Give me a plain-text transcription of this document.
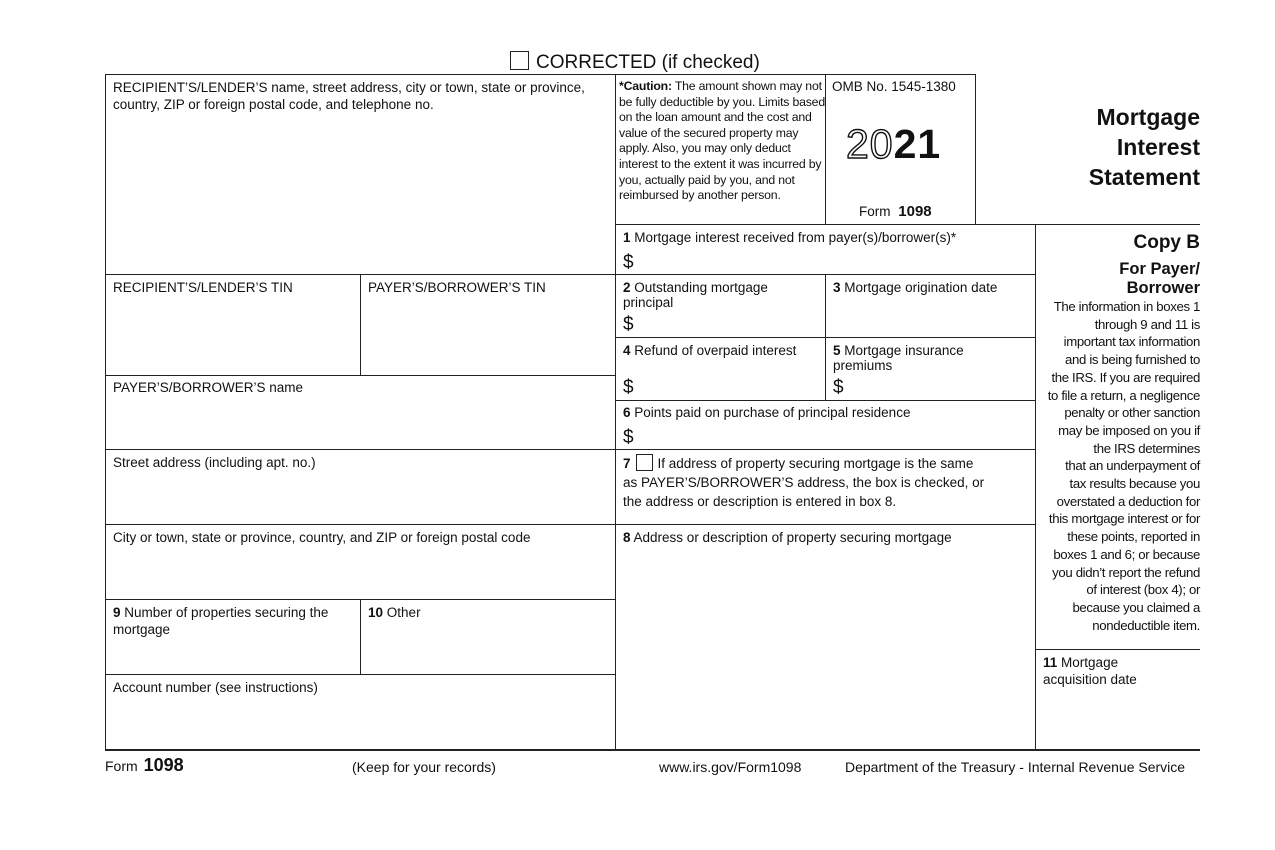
CORRECTED (if checked)
RECIPIENT’S/LENDER’S name, street address, city or town, state or province, country, ZIP or foreign postal code, and telephone no.
RECIPIENT’S/LENDER’S TIN	PAYER’S/BORROWER’S TIN
PAYER’S/BORROWER’S name
Street address (including apt. no.)
City or town, state or province, country, and ZIP or foreign postal code
9 Number of properties securing the mortgage
10 Other
Account number (see instructions)
*Caution: The amount shown may not be fully deductible by you. Limits based on the loan amount and the cost and value of the secured property may apply. Also, you may only deduct interest to the extent it was incurred by you, actually paid by you, and not reimbursed by another person.
OMB No. 1545-1380
2021
Form 1098
Mortgage
Interest
Statement
1 Mortgage interest received from payer(s)/borrower(s)*
$
2 Outstanding mortgage principal
$
3 Mortgage origination date
4 Refund of overpaid interest
$
5 Mortgage insurance premiums
$
6 Points paid on purchase of principal residence
$
7 If address of property securing mortgage is the same
as PAYER’S/BORROWER’S address, the box is checked, or
the address or description is entered in box 8.
8 Address or description of property securing mortgage
Copy B
For Payer/
Borrower
The information in boxes 1
through 9 and 11 is
important tax information
and is being furnished to
the IRS. If you are required
to file a return, a negligence
penalty or other sanction
may be imposed on you if
the IRS determines
that an underpayment of
tax results because you
overstated a deduction for
this mortgage interest or for
these points, reported in
boxes 1 and 6; or because
you didn’t report the refund
of interest (box 4); or
because you claimed a
nondeductible item.
11 Mortgage
acquisition date
Form 1098	(Keep for your records)	www.irs.gov/Form1098	Department of the Treasury - Internal Revenue Service
